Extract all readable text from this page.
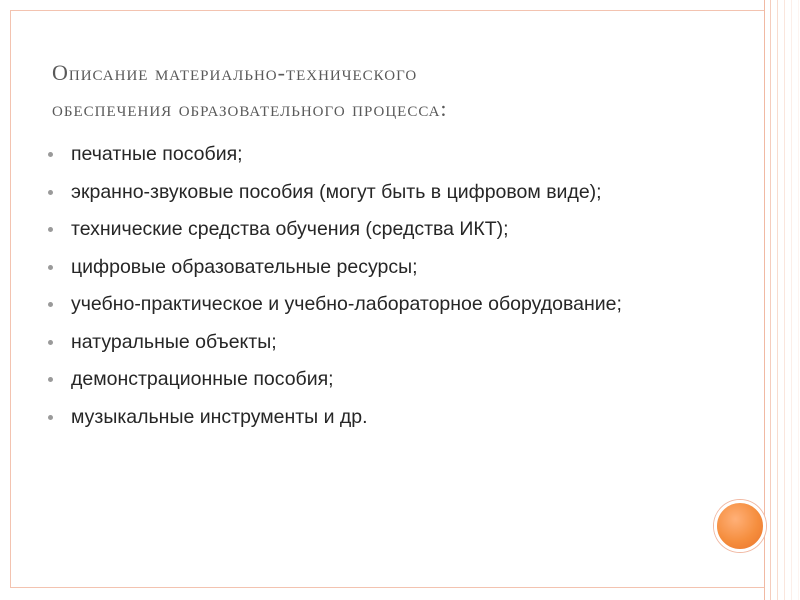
Описание материально-технического
обеспечения образовательного процесса:
печатные пособия;
экранно-звуковые пособия (могут быть в цифровом виде);
технические средства обучения (средства ИКТ);
цифровые образовательные ресурсы;
учебно-практическое и учебно-лабораторное оборудование;
натуральные объекты;
демонстрационные пособия;
музыкальные инструменты и др.
